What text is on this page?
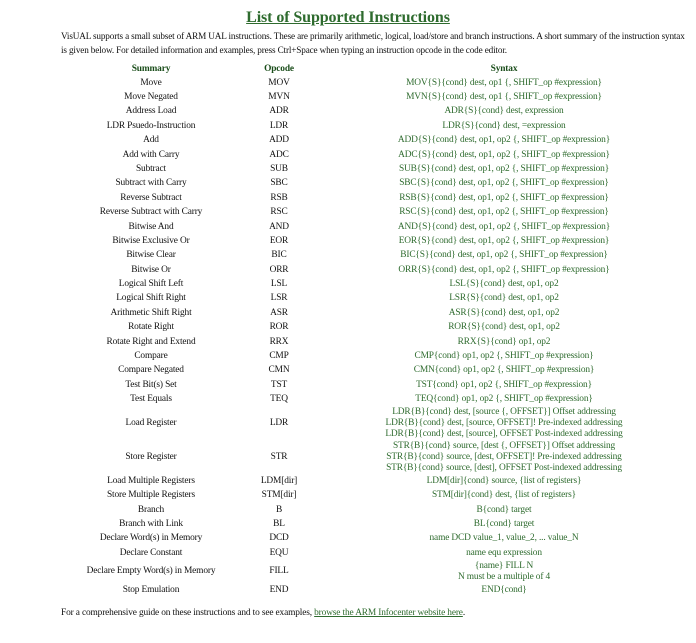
List of Supported Instructions
VisUAL supports a small subset of ARM UAL instructions. These are primarily arithmetic, logical, load/store and branch instructions. A short summary of the instruction syntax is given below. For detailed information and examples, press Ctrl+Space when typing an instruction opcode in the code editor.
Summary	Opcode	Syntax
Move	MOV	MOV{S}{cond} dest, op1 {, SHIFT_op #expression}

Move Negated	MVN	MVN{S}{cond} dest, op1 {, SHIFT_op #expression}

Address Load	ADR	ADR{S}{cond} dest, expression

LDR Psuedo-Instruction	LDR	LDR{S}{cond} dest, =expression

Add	ADD	ADD{S}{cond} dest, op1, op2 {, SHIFT_op #expression}

Add with Carry	ADC	ADC{S}{cond} dest, op1, op2 {, SHIFT_op #expression}

Subtract	SUB	SUB{S}{cond} dest, op1, op2 {, SHIFT_op #expression}

Subtract with Carry	SBC	SBC{S}{cond} dest, op1, op2 {, SHIFT_op #expression}

Reverse Subtract	RSB	RSB{S}{cond} dest, op1, op2 {, SHIFT_op #expression}

Reverse Subtract with Carry	RSC	RSC{S}{cond} dest, op1, op2 {, SHIFT_op #expression}

Bitwise And	AND	AND{S}{cond} dest, op1, op2 {, SHIFT_op #expression}

Bitwise Exclusive Or	EOR	EOR{S}{cond} dest, op1, op2 {, SHIFT_op #expression}

Bitwise Clear	BIC	BIC{S}{cond} dest, op1, op2 {, SHIFT_op #expression}

Bitwise Or	ORR	ORR{S}{cond} dest, op1, op2 {, SHIFT_op #expression}

Logical Shift Left	LSL	LSL{S}{cond} dest, op1, op2

Logical Shift Right	LSR	LSR{S}{cond} dest, op1, op2

Arithmetic Shift Right	ASR	ASR{S}{cond} dest, op1, op2

Rotate Right	ROR	ROR{S}{cond} dest, op1, op2

Rotate Right and Extend	RRX	RRX{S}{cond} op1, op2

Compare	CMP	CMP{cond} op1, op2 {, SHIFT_op #expression}

Compare Negated	CMN	CMN{cond} op1, op2 {, SHIFT_op #expression}

Test Bit(s) Set	TST	TST{cond} op1, op2 {, SHIFT_op #expression}

Test Equals	TEQ	TEQ{cond} op1, op2 {, SHIFT_op #expression}

Load Register	LDR	LDR{B}{cond} dest, [source {, OFFSET}] Offset addressing
LDR{B}{cond} dest, [source, OFFSET]! Pre-indexed addressing
LDR{B}{cond} dest, [source], OFFSET Post-indexed addressing

Store Register	STR	STR{B}{cond} source, [dest {, OFFSET}] Offset addressing
STR{B}{cond} source, [dest, OFFSET]! Pre-indexed addressing
STR{B}{cond} source, [dest], OFFSET Post-indexed addressing

Load Multiple Registers	LDM[dir]	LDM[dir]{cond} source, {list of registers}

Store Multiple Registers	STM[dir]	STM[dir]{cond} dest, {list of registers}

Branch	B	B{cond} target

Branch with Link	BL	BL{cond} target

Declare Word(s) in Memory	DCD	name DCD value_1, value_2, ... value_N

Declare Constant	EQU	name equ expression

Declare Empty Word(s) in Memory	FILL	{name} FILL N
N must be a multiple of 4

Stop Emulation	END	END{cond}
For a comprehensive guide on these instructions and to see examples, browse the ARM Infocenter website here.
